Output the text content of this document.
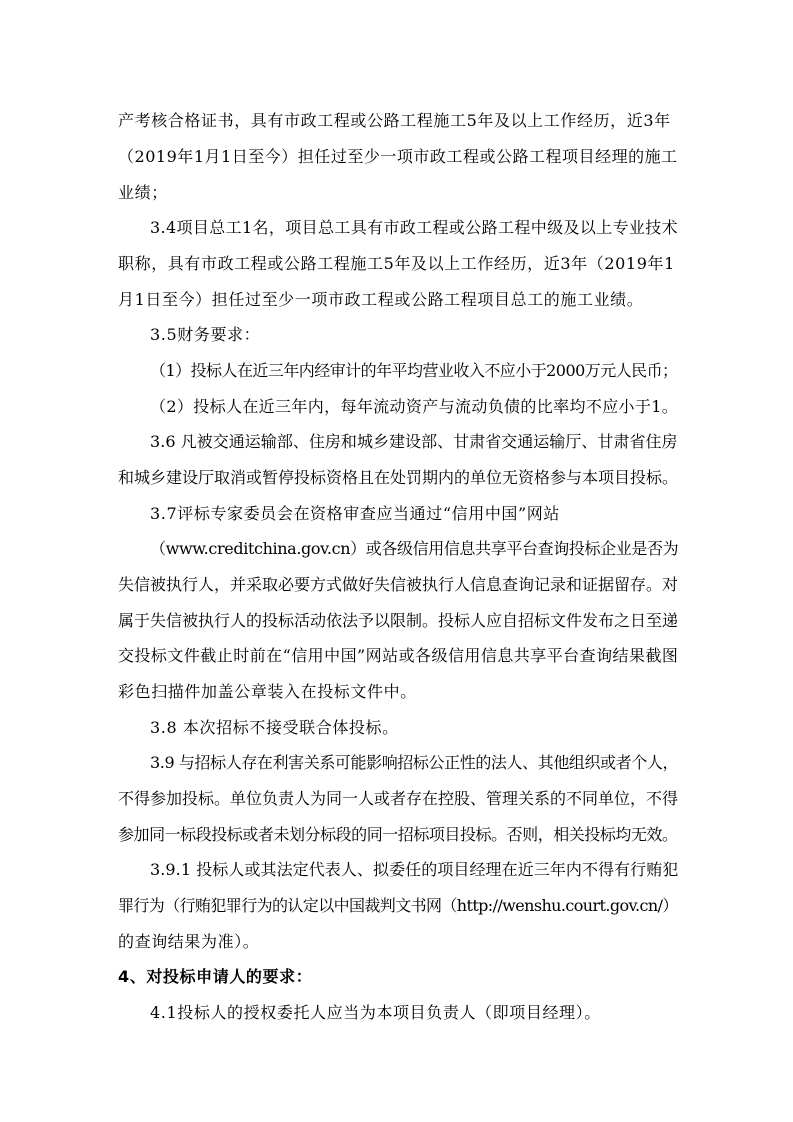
产考核合格证书，具有市政工程或公路工程施工5年及以上工作经历，近3年
（2019年1月1日至今）担任过至少一项市政工程或公路工程项目经理的施工
业绩；
3.4项目总工1名，项目总工具有市政工程或公路工程中级及以上专业技术
职称，具有市政工程或公路工程施工5年及以上工作经历，近3年（2019年1
月1日至今）担任过至少一项市政工程或公路工程项目总工的施工业绩。
3.5财务要求：
（1）投标人在近三年内经审计的年平均营业收入不应小于2000万元人民币；
（2）投标人在近三年内，每年流动资产与流动负债的比率均不应小于1。
3.6 凡被交通运输部、住房和城乡建设部、甘肃省交通运输厅、甘肃省住房
和城乡建设厅取消或暂停投标资格且在处罚期内的单位无资格参与本项目投标。
3.7评标专家委员会在资格审查应当通过“信用中国”网站
（www.creditchina.gov.cn）或各级信用信息共享平台查询投标企业是否为
失信被执行人，并采取必要方式做好失信被执行人信息查询记录和证据留存。对
属于失信被执行人的投标活动依法予以限制。投标人应自招标文件发布之日至递
交投标文件截止时前在“信用中国”网站或各级信用信息共享平台查询结果截图
彩色扫描件加盖公章装入在投标文件中。
3.8 本次招标不接受联合体投标。
3.9 与招标人存在利害关系可能影响招标公正性的法人、其他组织或者个人，
不得参加投标。单位负责人为同一人或者存在控股、管理关系的不同单位，不得
参加同一标段投标或者未划分标段的同一招标项目投标。否则，相关投标均无效。
3.9.1 投标人或其法定代表人、拟委任的项目经理在近三年内不得有行贿犯
罪行为（行贿犯罪行为的认定以中国裁判文书网（http://wenshu.court.gov.cn/）
的查询结果为准）。
4、对投标申请人的要求：
4.1投标人的授权委托人应当为本项目负责人（即项目经理）。
